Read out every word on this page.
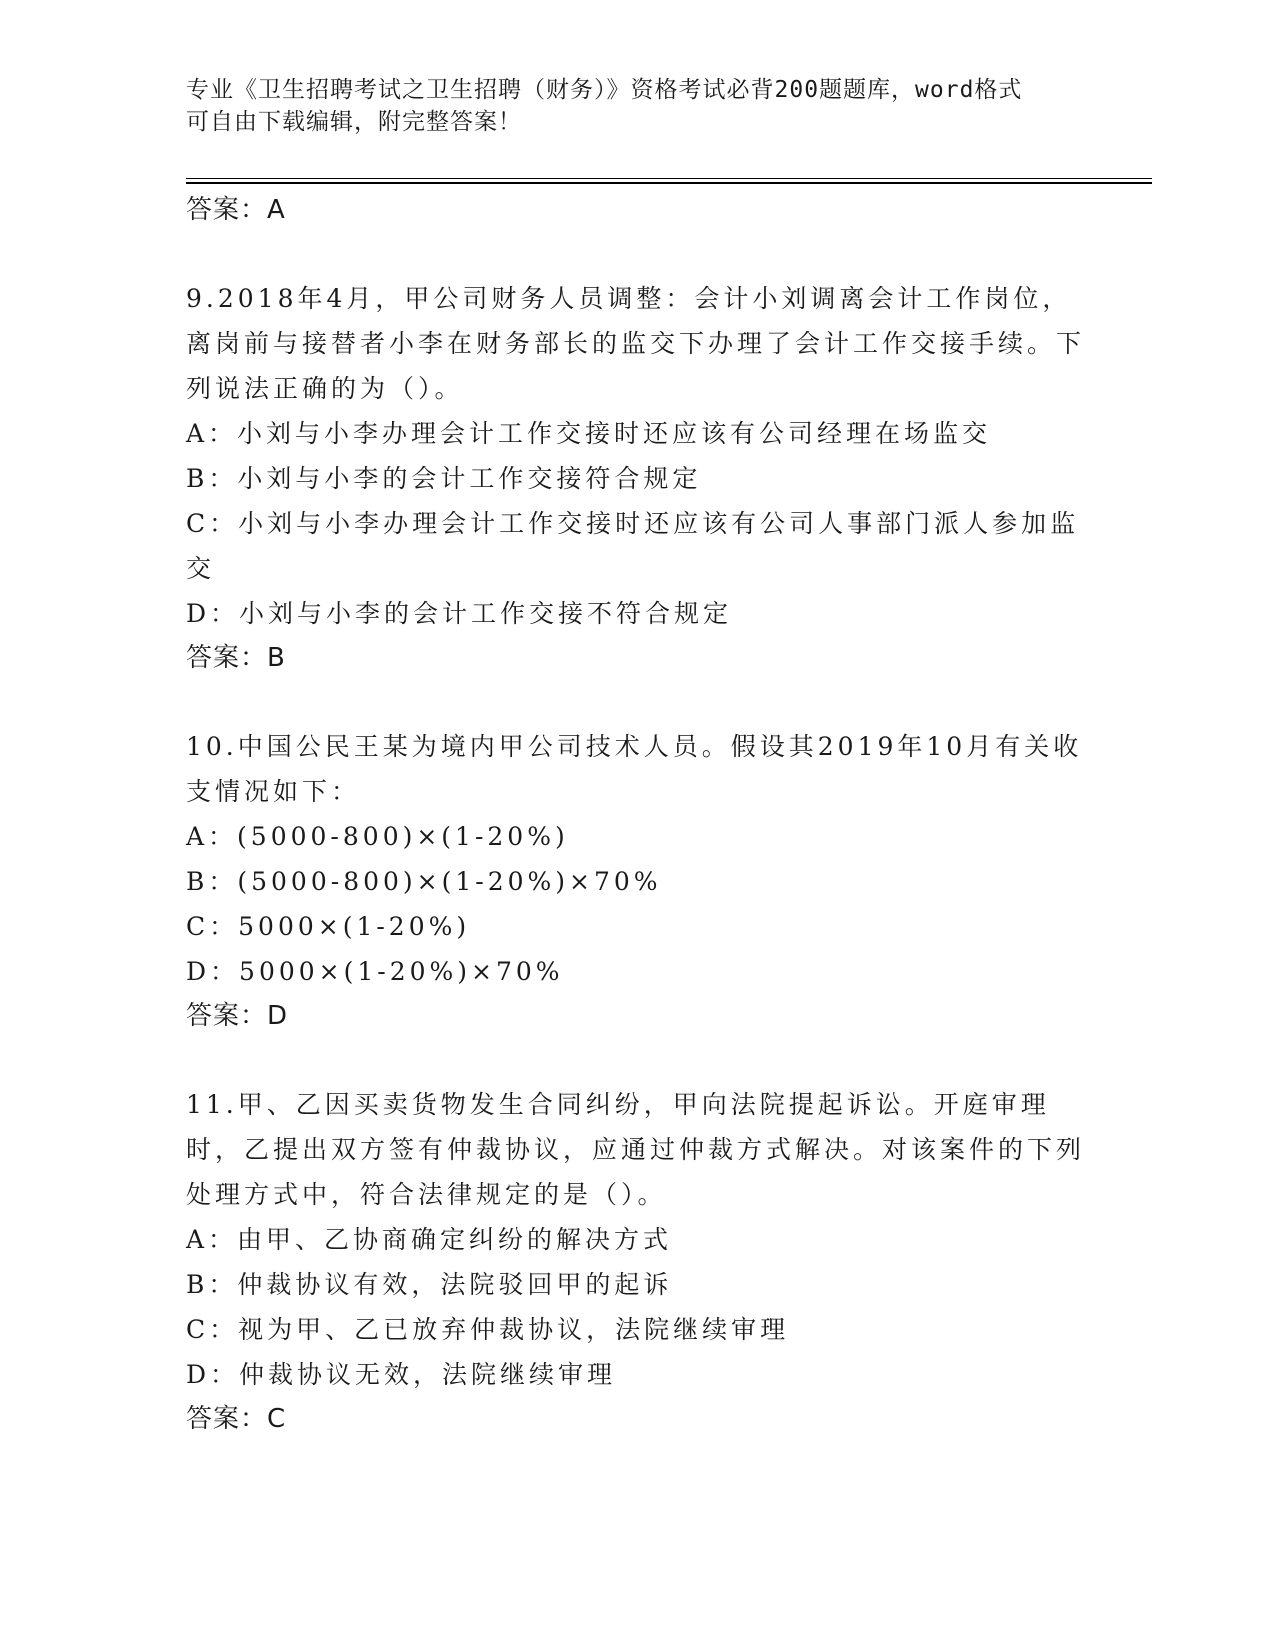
专业《卫生招聘考试之卫生招聘（财务）》资格考试必背200题题库，word格式
可自由下载编辑，附完整答案！
答案：A
9.2018年4月，甲公司财务人员调整：会计小刘调离会计工作岗位，离岗前与接替者小李在财务部长的监交下办理了会计工作交接手续。下列说法正确的为（）。
A：小刘与小李办理会计工作交接时还应该有公司经理在场监交
B：小刘与小李的会计工作交接符合规定
C：小刘与小李办理会计工作交接时还应该有公司人事部门派人参加监交
D：小刘与小李的会计工作交接不符合规定
答案：B
10.中国公民王某为境内甲公司技术人员。假设其2019年10月有关收支情况如下：
A：(5000-800)×(1-20%)
B：(5000-800)×(1-20%)×70%
C：5000×(1-20%)
D：5000×(1-20%)×70%
答案：D
11.甲、乙因买卖货物发生合同纠纷，甲向法院提起诉讼。开庭审理时，乙提出双方签有仲裁协议，应通过仲裁方式解决。对该案件的下列处理方式中，符合法律规定的是（）。
A：由甲、乙协商确定纠纷的解决方式
B：仲裁协议有效，法院驳回甲的起诉
C：视为甲、乙已放弃仲裁协议，法院继续审理
D：仲裁协议无效，法院继续审理
答案：C
